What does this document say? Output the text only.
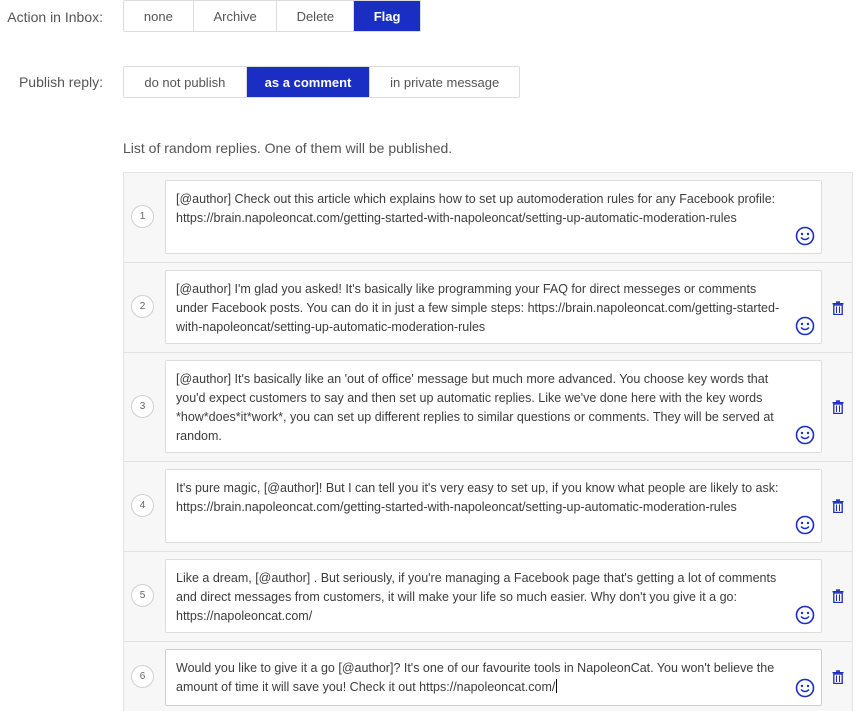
Action in Inbox:	none	Archive	Delete	Flag
Publish reply:	do not publish	as a comment	in private message
List of random replies. One of them will be published.
1
[@author] Check out this article which explains how to set up automoderation rules for any Facebook profile: https://brain.napoleoncat.com/getting-started-with-napoleoncat/setting-up-automatic-moderation-rules
2
[@author] I'm glad you asked! It's basically like programming your FAQ for direct messeges or comments under Facebook posts. You can do it in just a few simple steps: https://brain.napoleoncat.com/getting-started-with-napoleoncat/setting-up-automatic-moderation-rules
3
[@author] It's basically like an 'out of office' message but much more advanced. You choose key words that you'd expect customers to say and then set up automatic replies. Like we've done here with the key words *how*does*it*work*, you can set up different replies to similar questions or comments. They will be served at random.
4
It's pure magic, [@author]! But I can tell you it's very easy to set up, if you know what people are likely to ask: https://brain.napoleoncat.com/getting-started-with-napoleoncat/setting-up-automatic-moderation-rules
5
Like a dream, [@author] . But seriously, if you're managing a Facebook page that's getting a lot of comments and direct messages from customers, it will make your life so much easier. Why don't you give it a go: https://napoleoncat.com/
6
Would you like to give it a go [@author]? It's one of our favourite tools in NapoleonCat. You won't believe the amount of time it will save you! Check it out https://napoleoncat.com/
